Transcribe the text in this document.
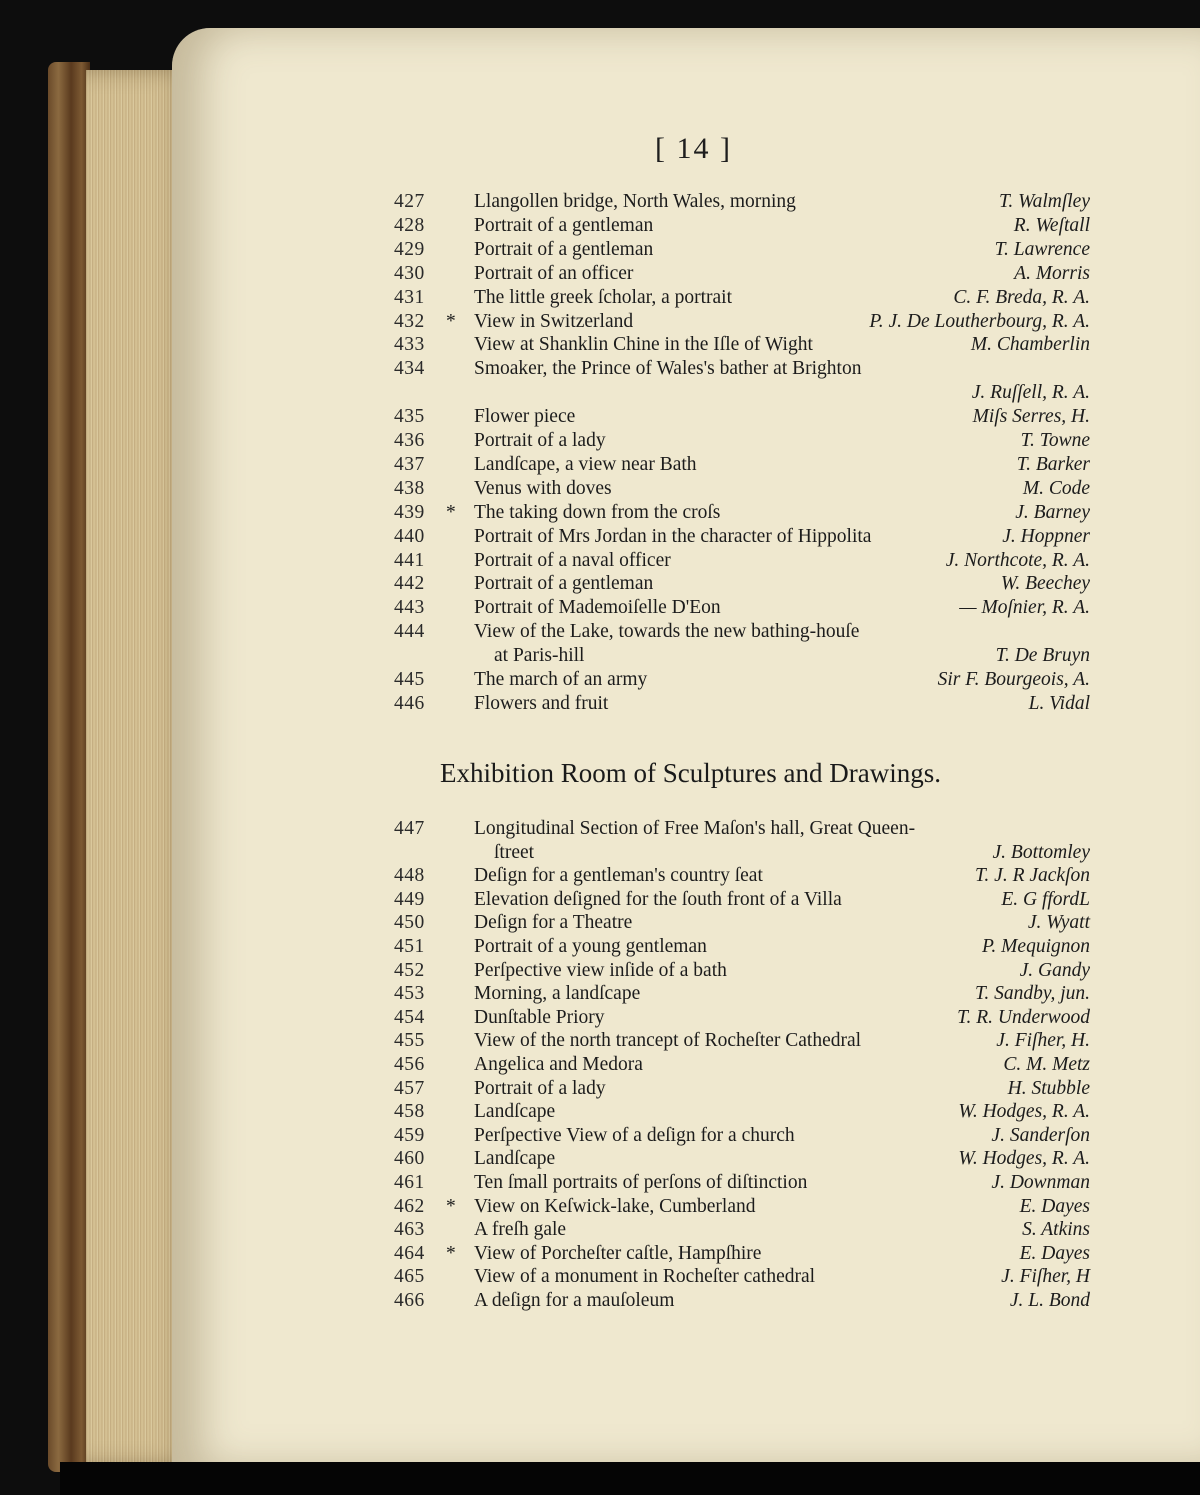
[ 14 ]
427	Llangollen bridge, North Wales, morning	T. Walmſley
428	Portrait of a gentleman	R. Weſtall
429	Portrait of a gentleman	T. Lawrence
430	Portrait of an officer	A. Morris
431	The little greek ſcholar, a portrait	C. F. Breda, R. A.
432	* View in Switzerland	P. J. De Loutherbourg, R. A.
433	View at Shanklin Chine in the Iſle of Wight	M. Chamberlin
434	Smoaker, the Prince of Wales's bather at Brighton
J. Ruſſell, R. A.
435	Flower piece	Miſs Serres, H.
436	Portrait of a lady	T. Towne
437	Landſcape, a view near Bath	T. Barker
438	Venus with doves	M. Code
439	* The taking down from the croſs	J. Barney
440	Portrait of Mrs Jordan in the character of Hippolita	J. Hoppner
441	Portrait of a naval officer	J. Northcote, R. A.
442	Portrait of a gentleman	W. Beechey
443	Portrait of Mademoiſelle D'Eon	— Moſnier, R. A.
444	View of the Lake, towards the new bathing-houſe
at Paris-hill	T. De Bruyn
445	The march of an army	Sir F. Bourgeois, A.
446	Flowers and fruit	L. Vidal
Exhibition Room of Sculptures and Drawings.
447	Longitudinal Section of Free Maſon's hall, Great Queen-
ſtreet	J. Bottomley
448	Deſign for a gentleman's country ſeat	T. J. R Jackſon
449	Elevation deſigned for the ſouth front of a Villa	E. G ffordL
450	Deſign for a Theatre	J. Wyatt
451	Portrait of a young gentleman	P. Mequignon
452	Perſpective view inſide of a bath	J. Gandy
453	Morning, a landſcape	T. Sandby, jun.
454	Dunſtable Priory	T. R. Underwood
455	View of the north trancept of Rocheſter Cathedral	J. Fiſher, H.
456	Angelica and Medora	C. M. Metz
457	Portrait of a lady	H. Stubble
458	Landſcape	W. Hodges, R. A.
459	Perſpective View of a deſign for a church	J. Sanderſon
460	Landſcape	W. Hodges, R. A.
461	Ten ſmall portraits of perſons of diſtinction	J. Downman
462	* View on Keſwick-lake, Cumberland	E. Dayes
463	A freſh gale	S. Atkins
464	* View of Porcheſter caſtle, Hampſhire	E. Dayes
465	View of a monument in Rocheſter cathedral	J. Fiſher, H
466	A deſign for a mauſoleum	J. L. Bond
